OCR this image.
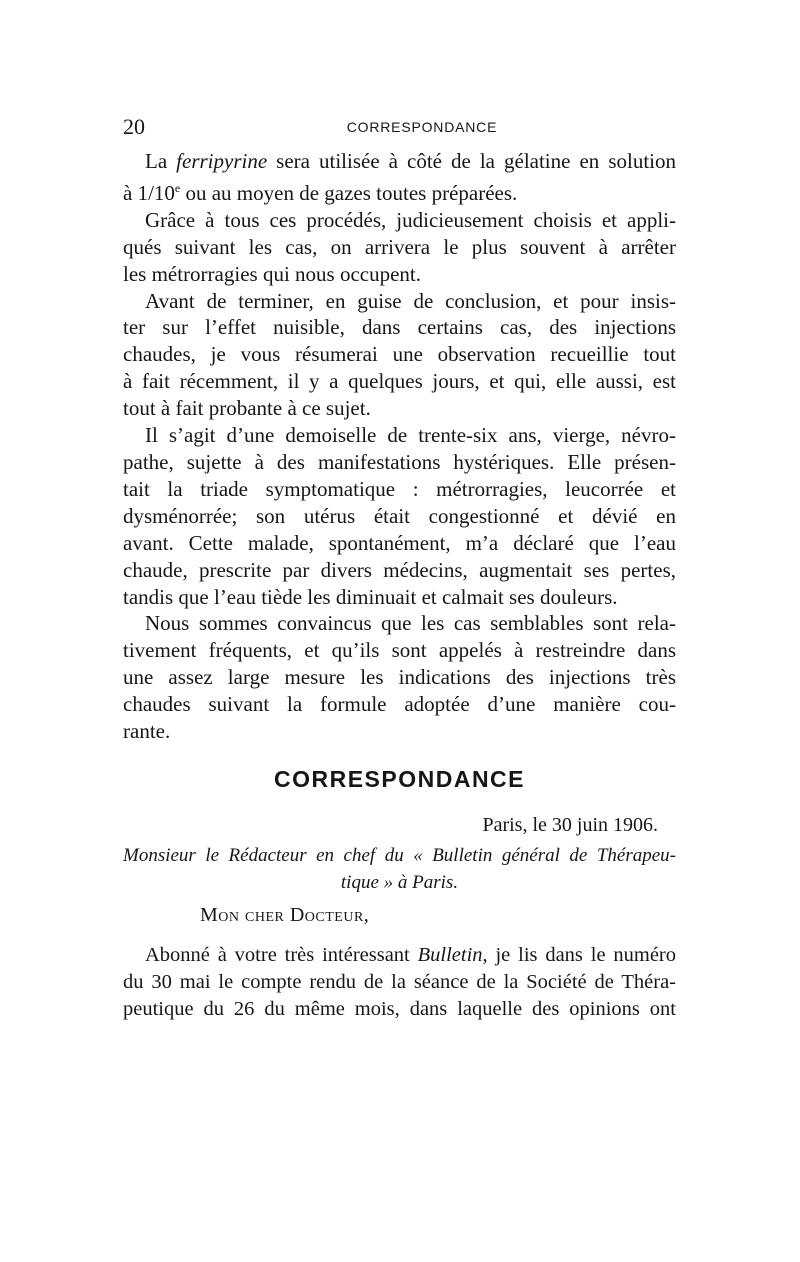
20	CORRESPONDANCE

La ferripyrine sera utilisée à côté de la gélatine en solution
à 1/10e ou au moyen de gazes toutes préparées.

Grâce à tous ces procédés, judicieusement choisis et appli-
qués suivant les cas, on arrivera le plus souvent à arrêter
les métrorragies qui nous occupent.

Avant de terminer, en guise de conclusion, et pour insis-
ter sur l’effet nuisible, dans certains cas, des injections
chaudes, je vous résumerai une observation recueillie tout
à fait récemment, il y a quelques jours, et qui, elle aussi, est
tout à fait probante à ce sujet.

Il s’agit d’une demoiselle de trente-six ans, vierge, névro-
pathe, sujette à des manifestations hystériques. Elle présen-
tait la triade symptomatique : métrorragies, leucorrée et
dysménorrée; son utérus était congestionné et dévié en
avant. Cette malade, spontanément, m’a déclaré que l’eau
chaude, prescrite par divers médecins, augmentait ses pertes,
tandis que l’eau tiède les diminuait et calmait ses douleurs.

Nous sommes convaincus que les cas semblables sont rela-
tivement fréquents, et qu’ils sont appelés à restreindre dans
une assez large mesure les indications des injections très
chaudes suivant la formule adoptée d’une manière cou-
rante.

CORRESPONDANCE
Paris, le 30 juin 1906.
Monsieur le Rédacteur en chef du « Bulletin général de Thérapeu-
tique » à Paris.
Mon cher Docteur,
Abonné à votre très intéressant Bulletin, je lis dans le numéro
du 30 mai le compte rendu de la séance de la Société de Théra-
peutique du 26 du même mois, dans laquelle des opinions ont
